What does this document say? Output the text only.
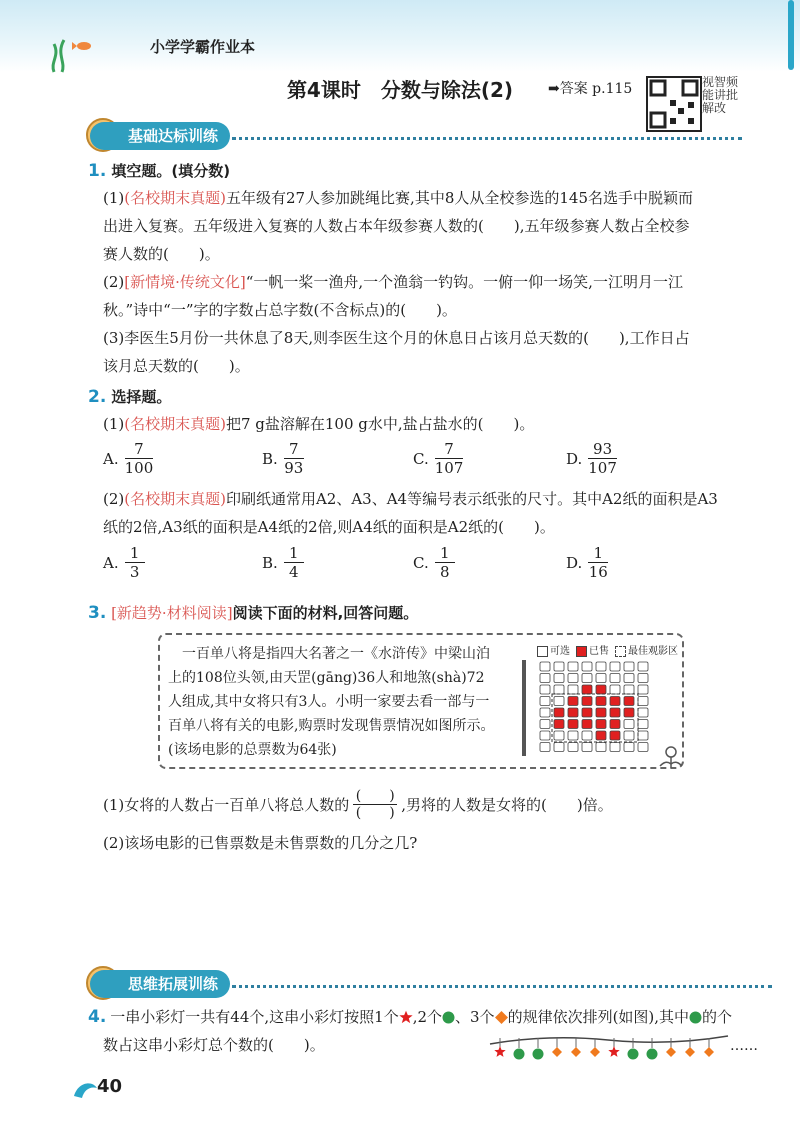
小学学霸作业本
第4课时　分数与除法(2)	➡答案 p.115	视智频能讲批解改
基础达标训练
1. 填空题。(填分数)
(1)(名校期末真题)五年级有27人参加跳绳比赛,其中8人从全校参选的145名选手中脱颖而
出进入复赛。五年级进入复赛的人数占本年级参赛人数的(　　),五年级参赛人数占全校参
赛人数的(　　)。
(2)[新情境·传统文化]“一帆一桨一渔舟,一个渔翁一钓钩。一俯一仰一场笑,一江明月一江
秋。”诗中“一”字的字数占总字数(不含标点)的(　　)。
(3)李医生5月份一共休息了8天,则李医生这个月的休息日占该月总天数的(　　),工作日占
该月总天数的(　　)。
2. 选择题。
(1)(名校期末真题)把7 g盐溶解在100 g水中,盐占盐水的(　　)。
A. $\frac{7}{100}$	B. $\frac{7}{93}$	C. $\frac{7}{107}$	D. $\frac{93}{107}$
(2)(名校期末真题)印刷纸通常用A2、A3、A4等编号表示纸张的尺寸。其中A2纸的面积是A3
纸的2倍,A3纸的面积是A4纸的2倍,则A4纸的面积是A2纸的(　　)。
A. $\frac{1}{3}$	B. $\frac{1}{4}$	C. $\frac{1}{8}$	D. $\frac{1}{16}$
3. [新趋势·材料阅读]阅读下面的材料,回答问题。
　一百单八将是指四大名著之一《水浒传》中梁山泊
上的108位头领,由天罡(gāng)36人和地煞(shà)72
人组成,其中女将只有3人。小明一家要去看一部与一
百单八将有关的电影,购票时发现售票情况如图所示。
(该场电影的总票数为64张)
可选	已售	最佳观影区
(1)女将的人数占一百单八将总人数的 $\frac{( )}{( )}$ ,男将的人数是女将的(　　)倍。
(2)该场电影的已售票数是未售票数的几分之几?
思维拓展训练
4. 一串小彩灯一共有44个,这串小彩灯按照1个 ,2个 、3个 的规律依次排列(如图),其中 的个
数占这串小彩灯总个数的(　　)。	……
40
